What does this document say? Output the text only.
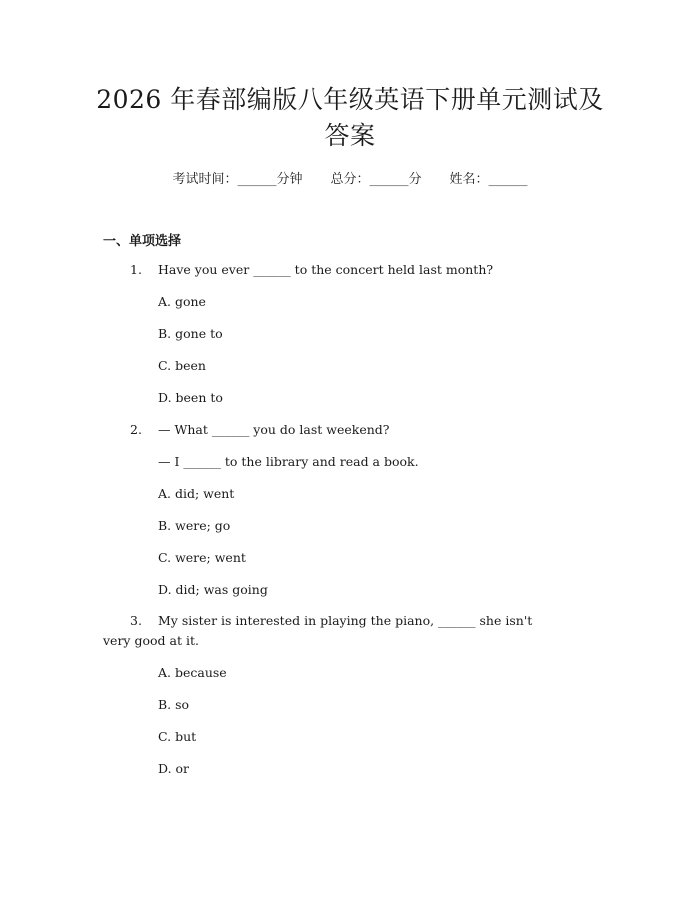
2026 年春部编版八年级英语下册单元测试及
答案
考试时间：______分钟 总分：______分 姓名：______
一、单项选择
1. Have you ever ______ to the concert held last month?
A. gone
B. gone to
C. been
D. been to
2. — What ______ you do last weekend?
— I ______ to the library and read a book.
A. did; went
B. were; go
C. were; went
D. did; was going
3. My sister is interested in playing the piano, ______ she isn't
very good at it.
A. because
B. so
C. but
D. or
